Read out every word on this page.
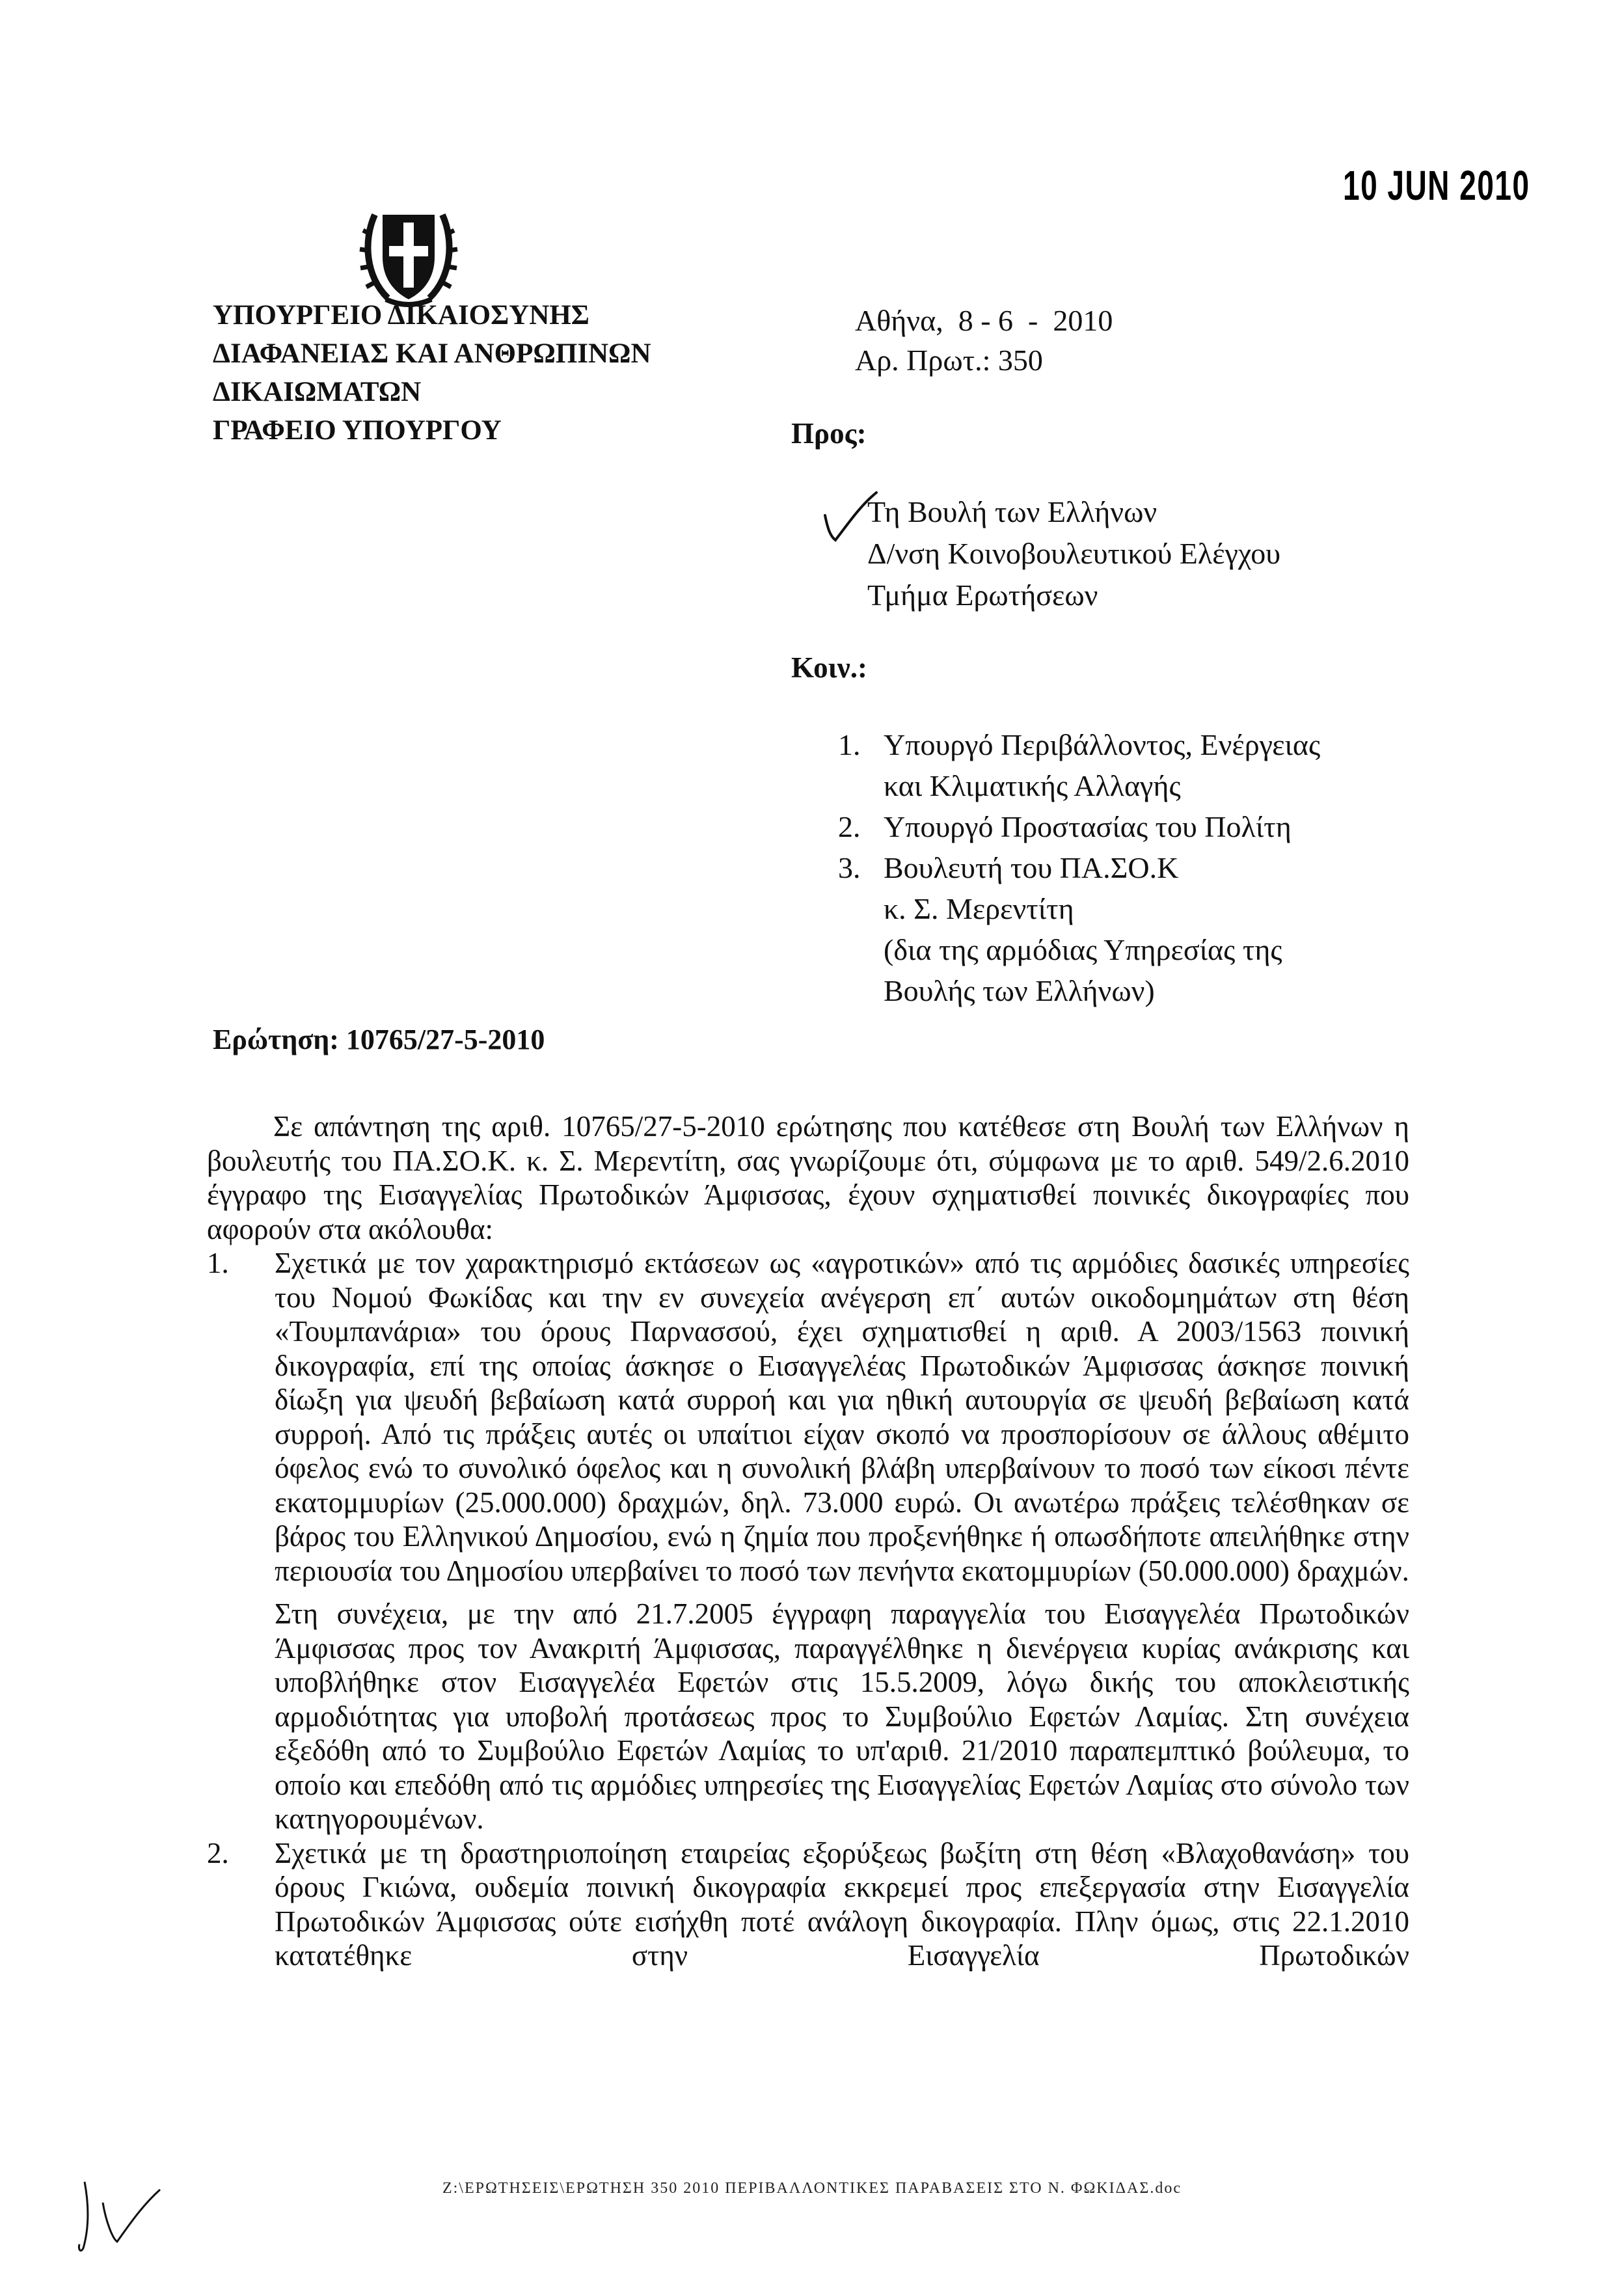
10 JUN 2010
ΥΠΟΥΡΓΕΙΟ ΔΙΚΑΙΟΣΥΝΗΣ
ΔΙΑΦΑΝΕΙΑΣ ΚΑΙ ΑΝΘΡΩΠΙΝΩΝ
ΔΙΚΑΙΩΜΑΤΩΝ
ΓΡΑΦΕΙΟ ΥΠΟΥΡΓΟΥ
Αθήνα,  8 - 6  -  2010
Αρ. Πρωτ.: 350
Προς:
Τη Βουλή των Ελλήνων
Δ/νση Κοινοβουλευτικού Ελέγχου
Τμήμα Ερωτήσεων
Κοιν.:
1. Υπουργό Περιβάλλοντος, Ενέργειας
και Κλιματικής Αλλαγής
2. Υπουργό Προστασίας του Πολίτη
3. Βουλευτή του ΠΑ.ΣΟ.Κ
κ. Σ. Μερεντίτη
(δια της αρμόδιας Υπηρεσίας της
Βουλής των Ελλήνων)
Ερώτηση: 10765/27-5-2010
Σε απάντηση της αριθ. 10765/27-5-2010 ερώτησης που κατέθεσε στη Βουλή των Ελλήνων η βουλευτής του ΠΑ.ΣΟ.Κ. κ. Σ. Μερεντίτη, σας γνωρίζουμε ότι, σύμφωνα με το αριθ. 549/2.6.2010 έγγραφο της Εισαγγελίας Πρωτοδικών Άμφισσας, έχουν σχηματισθεί ποινικές δικογραφίες που αφορούν στα ακόλουθα:
1.	Σχετικά με τον χαρακτηρισμό εκτάσεων ως «αγροτικών» από τις αρμόδιες δασικές υπηρεσίες του Νομού Φωκίδας και την εν συνεχεία ανέγερση επ΄ αυτών οικοδομημάτων στη θέση «Τουμπανάρια» του όρους Παρνασσού, έχει σχηματισθεί η αριθ. Α 2003/1563 ποινική δικογραφία, επί της οποίας άσκησε ο Εισαγγελέας Πρωτοδικών Άμφισσας άσκησε ποινική δίωξη για ψευδή βεβαίωση κατά συρροή και για ηθική αυτουργία σε ψευδή βεβαίωση κατά συρροή. Από τις πράξεις αυτές οι υπαίτιοι είχαν σκοπό να προσπορίσουν σε άλλους αθέμιτο όφελος ενώ το συνολικό όφελος και η συνολική βλάβη υπερβαίνουν το ποσό των είκοσι πέντε εκατομμυρίων (25.000.000) δραχμών, δηλ. 73.000 ευρώ. Οι ανωτέρω πράξεις τελέσθηκαν σε βάρος του Ελληνικού Δημοσίου, ενώ η ζημία που προξενήθηκε ή οπωσδήποτε απειλήθηκε στην περιουσία του Δημοσίου υπερβαίνει το ποσό των πενήντα εκατομμυρίων (50.000.000) δραχμών.

Στη συνέχεια, με την από 21.7.2005 έγγραφη παραγγελία του Εισαγγελέα Πρωτοδικών Άμφισσας προς τον Ανακριτή Άμφισσας, παραγγέλθηκε η διενέργεια κυρίας ανάκρισης και υποβλήθηκε στον Εισαγγελέα Εφετών στις 15.5.2009, λόγω δικής του αποκλειστικής αρμοδιότητας για υποβολή προτάσεως προς το Συμβούλιο Εφετών Λαμίας. Στη συνέχεια εξεδόθη από το Συμβούλιο Εφετών Λαμίας το υπ'αριθ. 21/2010 παραπεμπτικό βούλευμα, το οποίο και επεδόθη από τις αρμόδιες υπηρεσίες της Εισαγγελίας Εφετών Λαμίας στο σύνολο των κατηγορουμένων.

2.	Σχετικά με τη δραστηριοποίηση εταιρείας εξορύξεως βωξίτη στη θέση «Βλαχοθανάση» του όρους Γκιώνα, ουδεμία ποινική δικογραφία εκκρεμεί προς επεξεργασία στην Εισαγγελία Πρωτοδικών Άμφισσας ούτε εισήχθη ποτέ ανάλογη δικογραφία. Πλην όμως, στις 22.1.2010 κατατέθηκε στην Εισαγγελία Πρωτοδικών

Ζ:\ΕΡΩΤΗΣΕΙΣ\ΕΡΩΤΗΣΗ 350 2010 ΠΕΡΙΒΑΛΛΟΝΤΙΚΕΣ ΠΑΡΑΒΑΣΕΙΣ ΣΤΟ Ν. ΦΩΚΙΔΑΣ.doc
